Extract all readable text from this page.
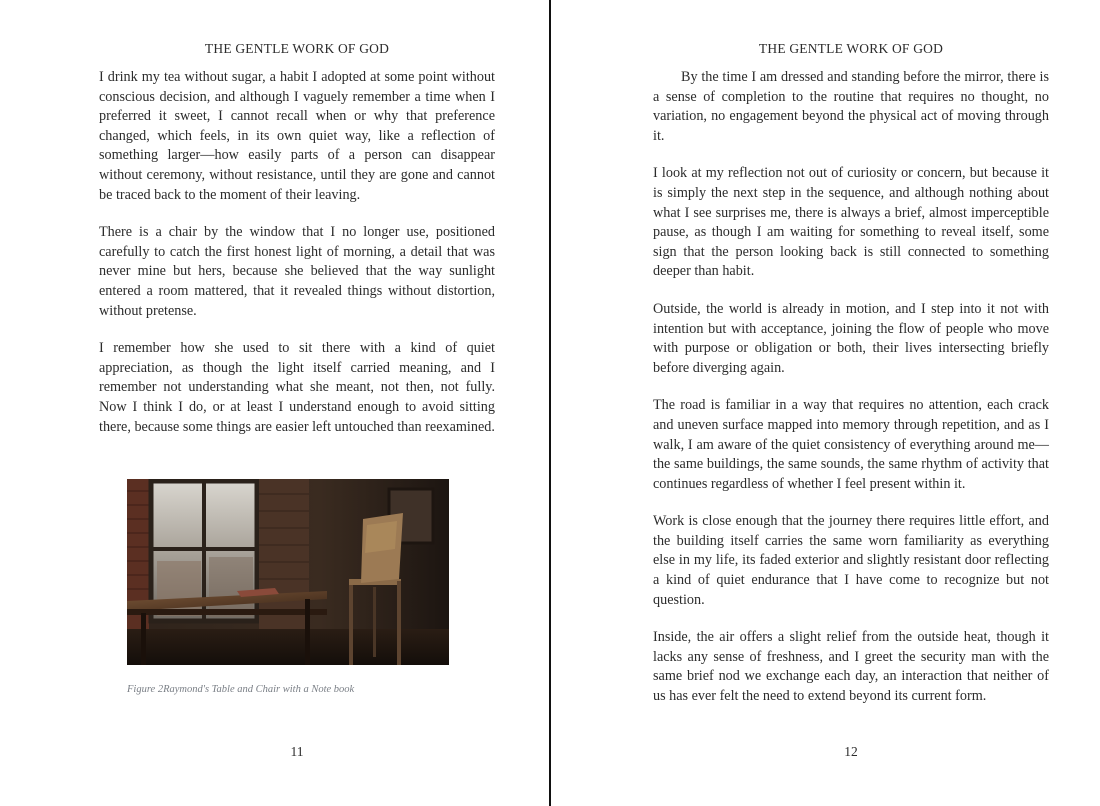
THE GENTLE WORK OF GOD

I drink my tea without sugar, a habit I adopted at some point without conscious decision, and although I vaguely remember a time when I preferred it sweet, I cannot recall when or why that preference changed, which feels, in its own quiet way, like a reflection of something larger—how easily parts of a person can disappear without ceremony, without resistance, until they are gone and cannot be traced back to the moment of their leaving.

There is a chair by the window that I no longer use, positioned carefully to catch the first honest light of morning, a detail that was never mine but hers, because she believed that the way sunlight entered a room mattered, that it revealed things without distortion, without pretense.

I remember how she used to sit there with a kind of quiet appreciation, as though the light itself carried meaning, and I remember not understanding what she meant, not then, not fully. Now I think I do, or at least I understand enough to avoid sitting there, because some things are easier left untouched than reexamined.

Figure 2Raymond's Table and Chair with a Note book
11
THE GENTLE WORK OF GOD

By the time I am dressed and standing before the mirror, there is a sense of completion to the routine that requires no thought, no variation, no engagement beyond the physical act of moving through it.

I look at my reflection not out of curiosity or concern, but because it is simply the next step in the sequence, and although nothing about what I see surprises me, there is always a brief, almost imperceptible pause, as though I am waiting for something to reveal itself, some sign that the person looking back is still connected to something deeper than habit.

Outside, the world is already in motion, and I step into it not with intention but with acceptance, joining the flow of people who move with purpose or obligation or both, their lives intersecting briefly before diverging again.

The road is familiar in a way that requires no attention, each crack and uneven surface mapped into memory through repetition, and as I walk, I am aware of the quiet consistency of everything around me—the same buildings, the same sounds, the same rhythm of activity that continues regardless of whether I feel present within it.

Work is close enough that the journey there requires little effort, and the building itself carries the same worn familiarity as everything else in my life, its faded exterior and slightly resistant door reflecting a kind of quiet endurance that I have come to recognize but not question.

Inside, the air offers a slight relief from the outside heat, though it lacks any sense of freshness, and I greet the security man with the same brief nod we exchange each day, an interaction that neither of us has ever felt the need to extend beyond its current form.

12
